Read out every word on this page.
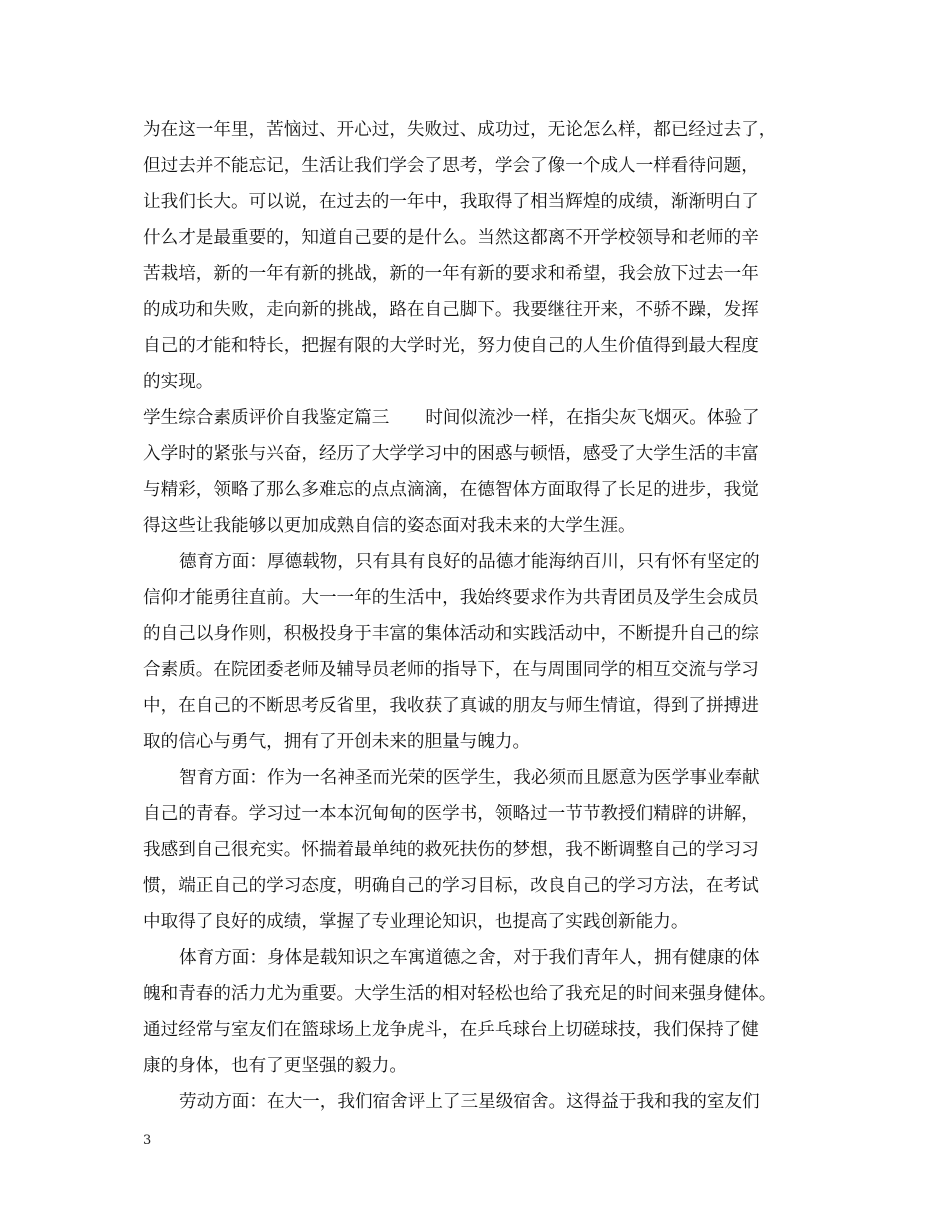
为在这一年里，苦恼过、开心过，失败过、成功过，无论怎么样，都已经过去了，
但过去并不能忘记，生活让我们学会了思考，学会了像一个成人一样看待问题，
让我们长大。可以说，在过去的一年中，我取得了相当辉煌的成绩，渐渐明白了
什么才是最重要的，知道自己要的是什么。当然这都离不开学校领导和老师的辛
苦栽培，新的一年有新的挑战，新的一年有新的要求和希望，我会放下过去一年
的成功和失败，走向新的挑战，路在自己脚下。我要继往开来，不骄不躁，发挥
自己的才能和特长，把握有限的大学时光，努力使自己的人生价值得到最大程度
的实现。
学生综合素质评价自我鉴定篇三 时间似流沙一样，在指尖灰飞烟灭。体验了
入学时的紧张与兴奋，经历了大学学习中的困惑与顿悟，感受了大学生活的丰富
与精彩，领略了那么多难忘的点点滴滴，在德智体方面取得了长足的进步，我觉
得这些让我能够以更加成熟自信的姿态面对我未来的大学生涯。
德育方面：厚德载物，只有具有良好的品德才能海纳百川，只有怀有坚定的
信仰才能勇往直前。大一一年的生活中，我始终要求作为共青团员及学生会成员
的自己以身作则，积极投身于丰富的集体活动和实践活动中，不断提升自己的综
合素质。在院团委老师及辅导员老师的指导下，在与周围同学的相互交流与学习
中，在自己的不断思考反省里，我收获了真诚的朋友与师生情谊，得到了拼搏进
取的信心与勇气，拥有了开创未来的胆量与魄力。
智育方面：作为一名神圣而光荣的医学生，我必须而且愿意为医学事业奉献
自己的青春。学习过一本本沉甸甸的医学书，领略过一节节教授们精辟的讲解，
我感到自己很充实。怀揣着最单纯的救死扶伤的梦想，我不断调整自己的学习习
惯，端正自己的学习态度，明确自己的学习目标，改良自己的学习方法，在考试
中取得了良好的成绩，掌握了专业理论知识，也提高了实践创新能力。
体育方面：身体是载知识之车寓道德之舍，对于我们青年人，拥有健康的体
魄和青春的活力尤为重要。大学生活的相对轻松也给了我充足的时间来强身健体。
通过经常与室友们在篮球场上龙争虎斗，在乒乓球台上切磋球技，我们保持了健
康的身体，也有了更坚强的毅力。
劳动方面：在大一，我们宿舍评上了三星级宿舍。这得益于我和我的室友们
3
